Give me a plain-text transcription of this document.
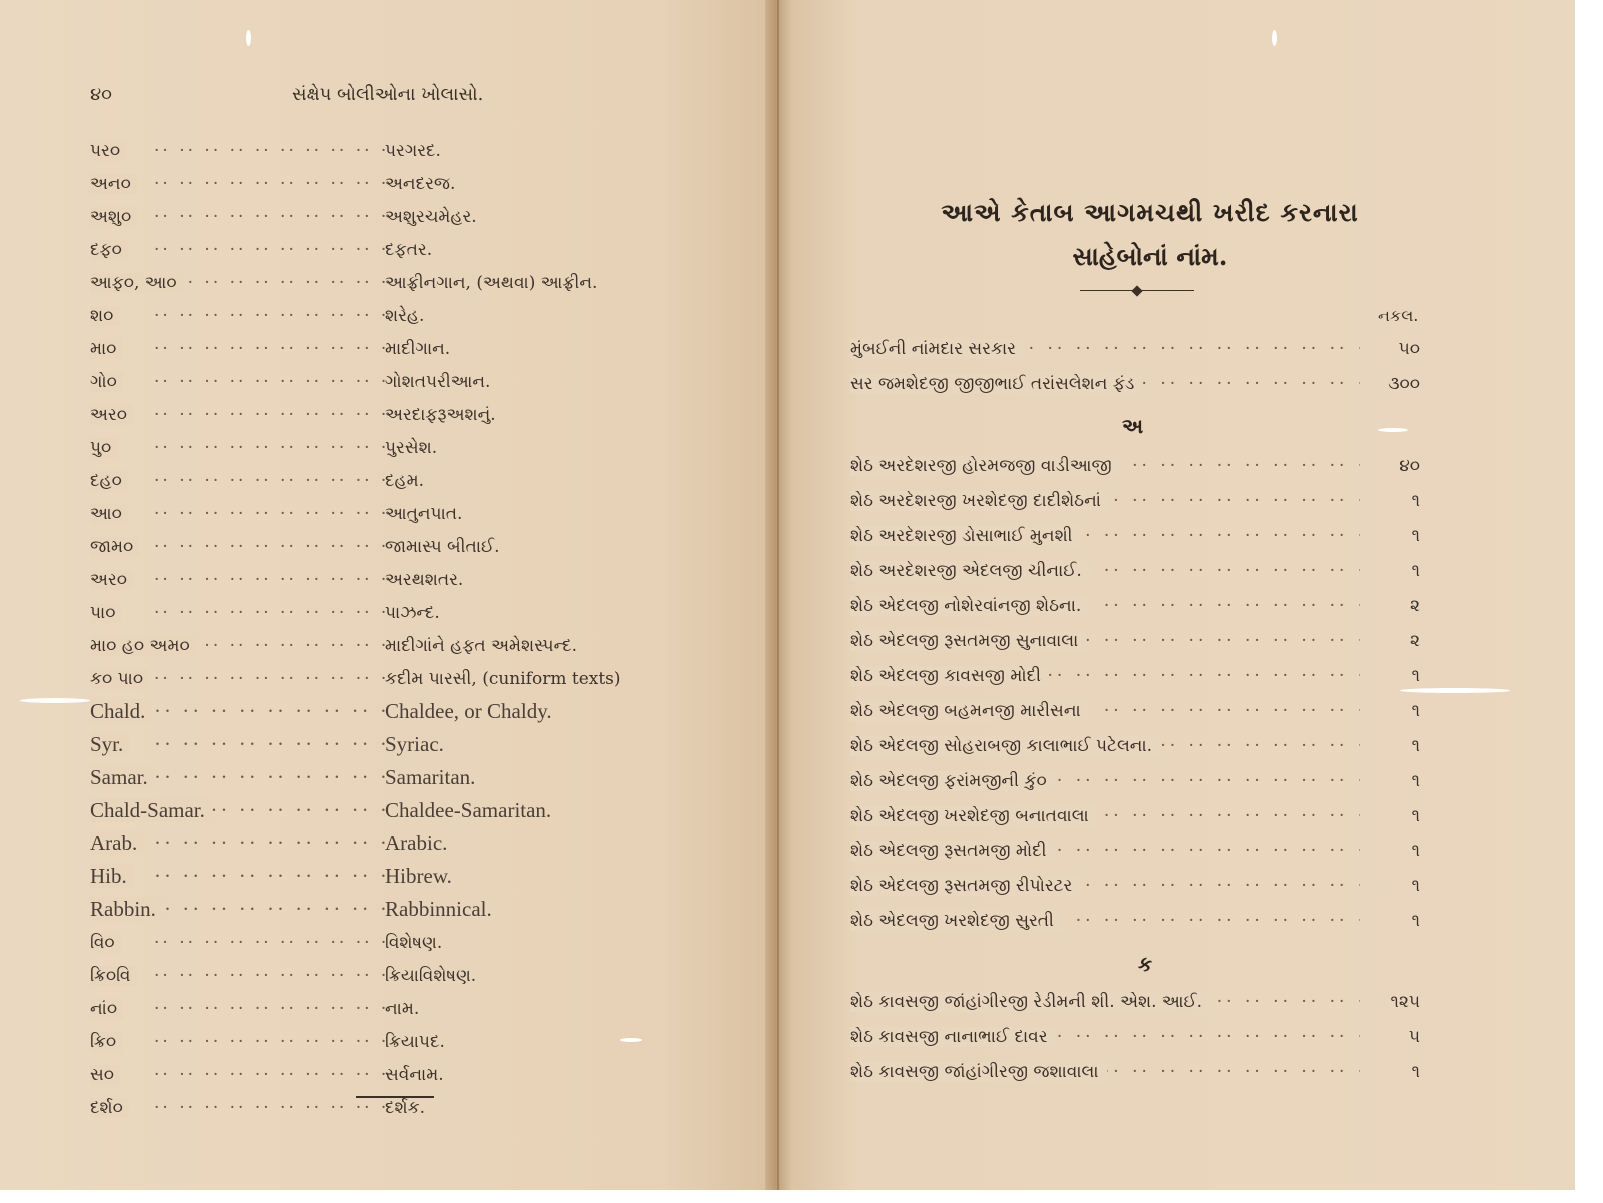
૪૦	સંક્ષેપ બોલીઓના ખોલાસો.
પર૦ ·· ·	પરગરદ.
અન૦ ·· ·	અનદરજ.
અશુ૦ ·· ·	અશુરચમેહર.
દફ૦ ·· ·	દફતર.
આફ૦, આ૦ ·· ·	આફ્રીનગાન, (અથવા) આફ્રીન.
શ૦ ·· ·	શરેહ.
મા૦ ·· ·	માદીગાન.
ગો૦ ·· ·	ગોશતપરીઆન.
અર૦ ·· ·	અરદાફરૂઅશનું.
પુ૦ ·· ·	પુરસેશ.
દહ૦ ·· ·	દહમ.
આ૦ ·· ·	આતુનપાત.
જામ૦ ·· ·	જામાસ્પ બીતાઈ.
અર૦ ·· ·	અરથશતર.
પા૦ ·· ·	પાઝન્દ.
મા૦ હ૦ અમ૦ ·· ·	માદીગાંને હફત અમેશસ્પન્દ.
ક૦ પા૦ ·· ·	કદીમ પારસી, (cuniform texts)
Chald. ·· ·	Chaldee, or Chaldy.
Syr. ·· ·	Syriac.
Samar. ·· ·	Samaritan.
Chald-Samar. ·· ·	Chaldee-Samaritan.
Arab. ·· ·	Arabic.
Hib. ·· ·	Hibrew.
Rabbin. ·· ·	Rabbinnical.
વિ૦ ·· ·	વિશેષણ.
ક્રિ૦વિ ·· ·	ક્રિયાવિશેષણ.
નાં૦ ·· ·	નામ.
ક્રિ૦ ·· ·	ક્રિયાપદ.
સ૦ ·· ·	સર્વનામ.
દર્શ૦ ·· ·	દર્શક.
આએ કેતાબ આગમચથી ખરીદ કરનારા
સાહેબોનાં નાંમ.
નકલ.
મુંબઈની નાંમદાર સરકાર ·· ·	૫૦
સર જમશેદજી જીજીભાઈ તરાંસલેશન ફંડ ·· ·	૩૦૦
અ
શેઠ અરદેશરજી હોરમજજી વાડીઆજી ·· ·	૪૦
શેઠ અરદેશરજી ખરશેદજી દાદીશેઠનાં ·· ·	૧
શેઠ અરદેશરજી ડોસાભાઈ મુનશી ·· ·	૧
શેઠ અરદેશરજી એદલજી ચીનાઈ. ·· ·	૧
શેઠ એદલજી નોશેરવાંનજી શેઠના. ·· ·	૨
શેઠ એદલજી રૂસતમજી સુનાવાલા ·· ·	૨
શેઠ એદલજી કાવસજી મોદી ·· ·	૧
શેઠ એદલજી બહમનજી મારીસના ·· ·	૧
શેઠ એદલજી સોહરાબજી કાલાભાઈ પટેલના. ·· ·	૧
શેઠ એદલજી ફરાંમજીની કું૦ ·· ·	૧
શેઠ એદલજી ખરશેદજી બનાતવાલા ·· ·	૧
શેઠ એદલજી રૂસતમજી મોદી ·· ·	૧
શેઠ એદલજી રૂસતમજી રીપોરટર ·· ·	૧
શેઠ એદલજી ખરશેદજી સુરતી ·· ·	૧
ક
શેઠ કાવસજી જાંહાંગીરજી રેડીમની શી. એશ. આઈ. ·· ·	૧૨૫
શેઠ કાવસજી નાનાભાઈ દાવર ·· ·	૫
શેઠ કાવસજી જાંહાંગીરજી જશાવાલા ·· ·	૧
